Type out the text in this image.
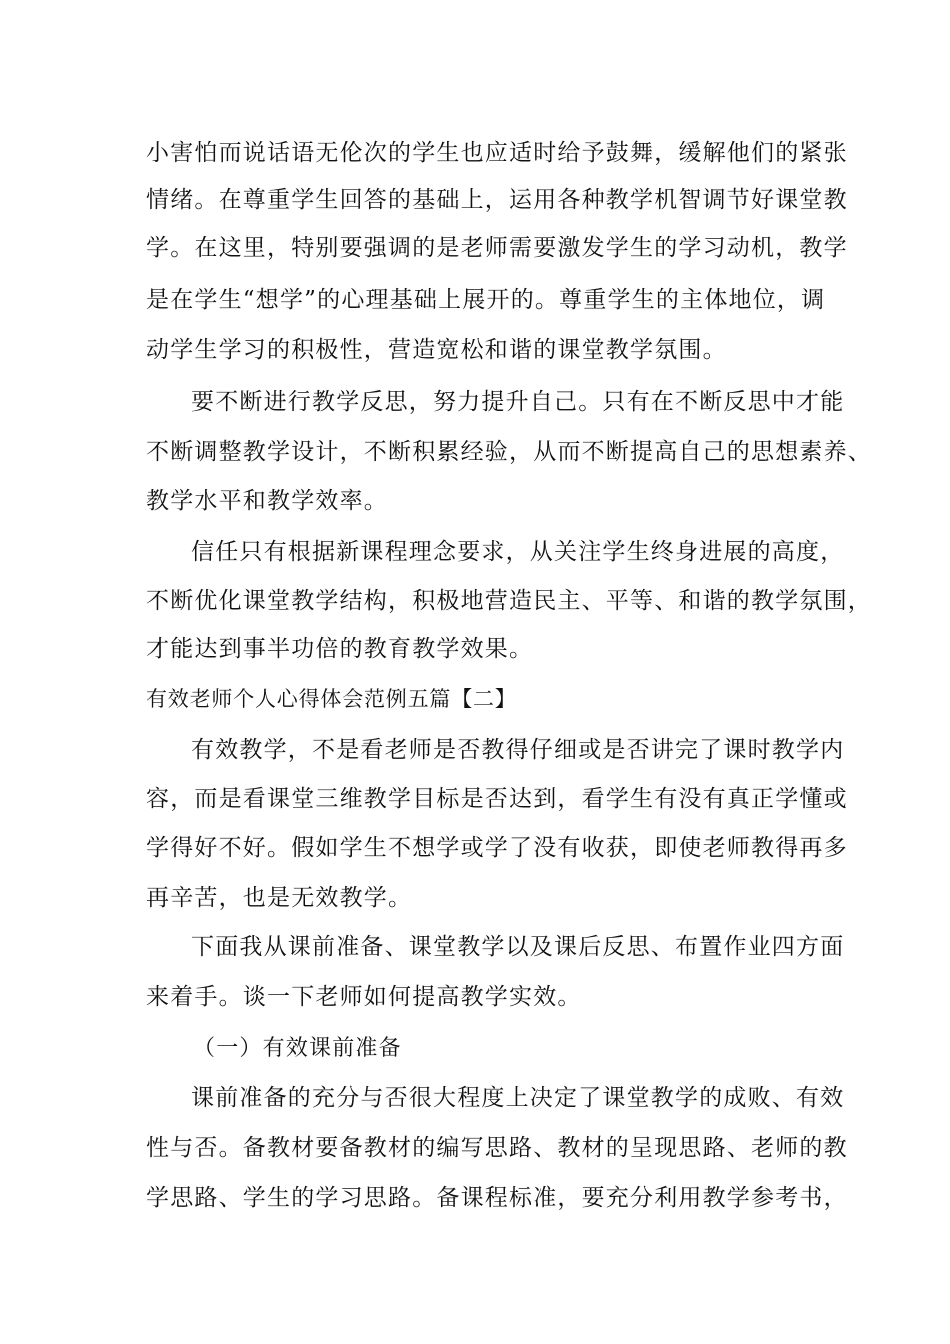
小害怕而说话语无伦次的学生也应适时给予鼓舞，缓解他们的紧张
情绪。在尊重学生回答的基础上，运用各种教学机智调节好课堂教
学。在这里，特别要强调的是老师需要激发学生的学习动机，教学
是在学生“想学”的心理基础上展开的。尊重学生的主体地位，调
动学生学习的积极性，营造宽松和谐的课堂教学氛围。
要不断进行教学反思，努力提升自己。只有在不断反思中才能
不断调整教学设计，不断积累经验，从而不断提高自己的思想素养、
教学水平和教学效率。
信任只有根据新课程理念要求，从关注学生终身进展的高度，
不断优化课堂教学结构，积极地营造民主、平等、和谐的教学氛围，
才能达到事半功倍的教育教学效果。
有效老师个人心得体会范例五篇【二】
有效教学，不是看老师是否教得仔细或是否讲完了课时教学内
容，而是看课堂三维教学目标是否达到，看学生有没有真正学懂或
学得好不好。假如学生不想学或学了没有收获，即使老师教得再多
再辛苦，也是无效教学。
下面我从课前准备、课堂教学以及课后反思、布置作业四方面
来着手。谈一下老师如何提高教学实效。
（一）有效课前准备
课前准备的充分与否很大程度上决定了课堂教学的成败、有效
性与否。备教材要备教材的编写思路、教材的呈现思路、老师的教
学思路、学生的学习思路。备课程标准，要充分利用教学参考书，
